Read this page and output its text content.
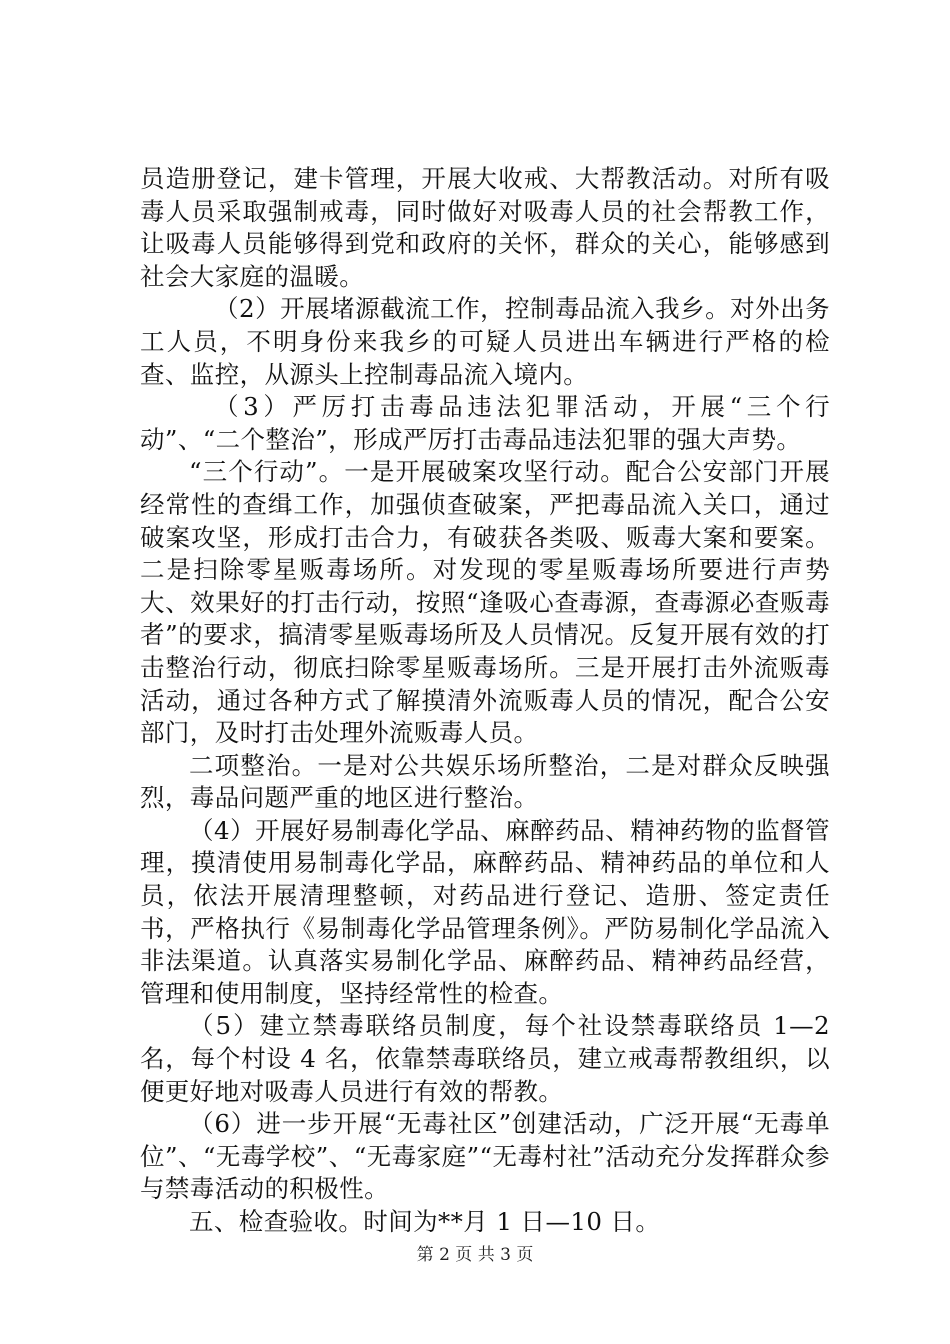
员造册登记，建卡管理，开展大收戒、大帮教活动。对所有吸毒人员采取强制戒毒，同时做好对吸毒人员的社会帮教工作，让吸毒人员能够得到党和政府的关怀，群众的关心，能够感到社会大家庭的温暖。

（2）开展堵源截流工作，控制毒品流入我乡。对外出务工人员，不明身份来我乡的可疑人员进出车辆进行严格的检查、监控，从源头上控制毒品流入境内。

（3）严厉打击毒品违法犯罪活动，开展“三个行动”、“二个整治”，形成严厉打击毒品违法犯罪的强大声势。

“三个行动”。一是开展破案攻坚行动。配合公安部门开展经常性的查缉工作，加强侦查破案，严把毒品流入关口，通过破案攻坚，形成打击合力，有破获各类吸、贩毒大案和要案。二是扫除零星贩毒场所。对发现的零星贩毒场所要进行声势大、效果好的打击行动，按照“逢吸心查毒源，查毒源必查贩毒者”的要求，搞清零星贩毒场所及人员情况。反复开展有效的打击整治行动，彻底扫除零星贩毒场所。三是开展打击外流贩毒活动，通过各种方式了解摸清外流贩毒人员的情况，配合公安部门，及时打击处理外流贩毒人员。

二项整治。一是对公共娱乐场所整治，二是对群众反映强烈，毒品问题严重的地区进行整治。

（4）开展好易制毒化学品、麻醉药品、精神药物的监督管理，摸清使用易制毒化学品，麻醉药品、精神药品的单位和人员，依法开展清理整顿，对药品进行登记、造册、签定责任书，严格执行《易制毒化学品管理条例》。严防易制化学品流入非法渠道。认真落实易制化学品、麻醉药品、精神药品经营，管理和使用制度，坚持经常性的检查。

（5）建立禁毒联络员制度，每个社设禁毒联络员 1—2 名，每个村设 4 名，依靠禁毒联络员，建立戒毒帮教组织，以便更好地对吸毒人员进行有效的帮教。

（6）进一步开展“无毒社区”创建活动，广泛开展“无毒单位”、“无毒学校”、“无毒家庭”“无毒村社”活动充分发挥群众参与禁毒活动的积极性。

五、检查验收。时间为**月 1 日—10 日。

第 2 页 共 3 页
